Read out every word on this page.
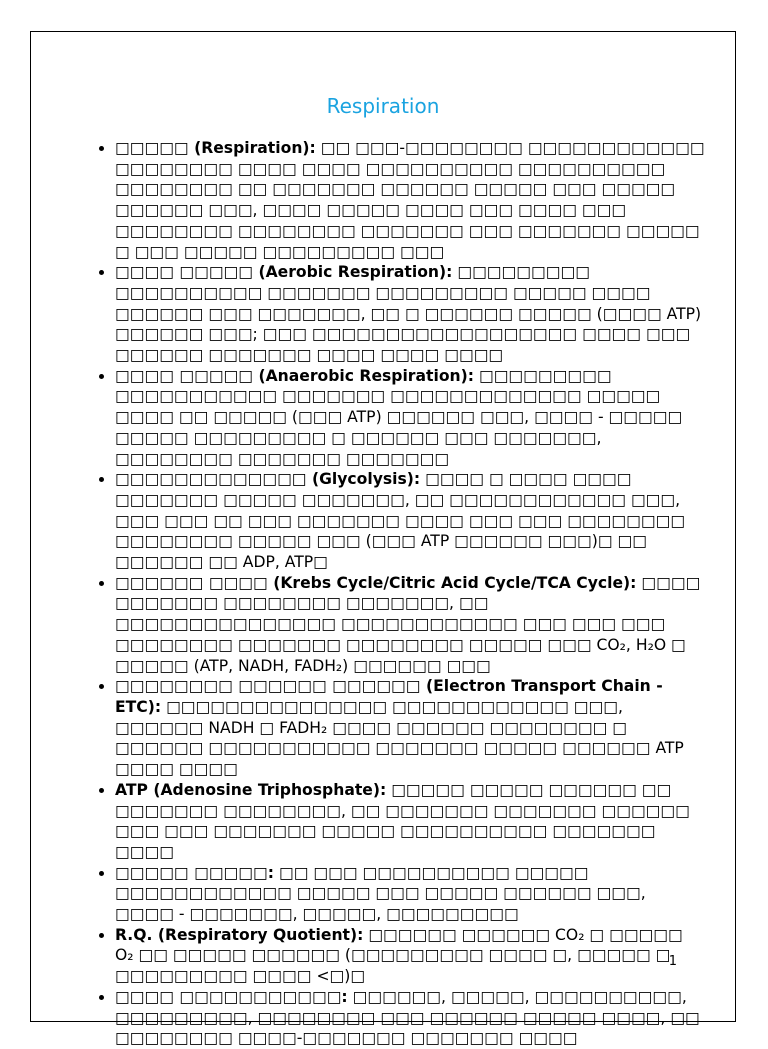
Respiration
• □□□□□ (Respiration): □□ □□□-□□□□□□□□ □□□□□□□□□□□□ □□□□□□□□ □□□□ □□□□ □□□□□□□□□□ □□□□□□□□□□ □□□□□□□□ □□ □□□□□□□ □□□□□□ □□□□□ □□□ □□□□□ □□□□□□ □□□, □□□□ □□□□□ □□□□ □□□ □□□□ □□□ □□□□□□□□ □□□□□□□□ □□□□□□□ □□□ □□□□□□□ □□□□□ □ □□□ □□□□□ □□□□□□□□□ □□□
• □□□□ □□□□□ (Aerobic Respiration): □□□□□□□□□ □□□□□□□□□□ □□□□□□□ □□□□□□□□□ □□□□□ □□□□ □□□□□□ □□□ □□□□□□□, □□ □ □□□□□□ □□□□□ (□□□□ ATP) □□□□□□ □□□; □□□ □□□□□□□□□□□□□□□□□□ □□□□ □□□ □□□□□□ □□□□□□□ □□□□ □□□□ □□□□
• □□□□ □□□□□ (Anaerobic Respiration): □□□□□□□□□ □□□□□□□□□□□ □□□□□□□ □□□□□□□□□□□□□ □□□□□ □□□□ □□ □□□□□ (□□□ ATP) □□□□□□ □□□, □□□□ - □□□□□ □□□□□ □□□□□□□□□ □ □□□□□□ □□□ □□□□□□□, □□□□□□□□ □□□□□□□ □□□□□□□
• □□□□□□□□□□□□□ (Glycolysis): □□□□ □ □□□□ □□□□ □□□□□□□ □□□□□ □□□□□□□, □□ □□□□□□□□□□□□ □□□, □□□ □□□ □□ □□□ □□□□□□□ □□□□ □□□ □□□ □□□□□□□□ □□□□□□□□ □□□□□ □□□ (□□□ ATP □□□□□□ □□□)□ □□ □□□□□□ □□ ADP, ATP□
• □□□□□□ □□□□ (Krebs Cycle/Citric Acid Cycle/TCA Cycle): □□□□ □□□□□□□ □□□□□□□□ □□□□□□□, □□ □□□□□□□□□□□□□□□ □□□□□□□□□□□□ □□□ □□□ □□□ □□□□□□□□ □□□□□□□ □□□□□□□□ □□□□□ □□□ CO₂, H₂O □ □□□□□ (ATP, NADH, FADH₂) □□□□□□ □□□
• □□□□□□□□ □□□□□□ □□□□□□ (Electron Transport Chain - ETC): □□□□□□□□□□□□□□□ □□□□□□□□□□□□ □□□, □□□□□□ NADH □ FADH₂ □□□□ □□□□□□ □□□□□□□□ □ □□□□□□ □□□□□□□□□□□ □□□□□□□ □□□□□ □□□□□□ ATP □□□□ □□□□
• ATP (Adenosine Triphosphate): □□□□□ □□□□□ □□□□□□ □□ □□□□□□□ □□□□□□□□, □□ □□□□□□□ □□□□□□□ □□□□□□ □□□ □□□ □□□□□□□ □□□□□ □□□□□□□□□□ □□□□□□□ □□□□
• □□□□□ □□□□□: □□ □□□ □□□□□□□□□□ □□□□□ □□□□□□□□□□□□ □□□□□ □□□ □□□□□ □□□□□□ □□□, □□□□ - □□□□□□□, □□□□□, □□□□□□□□□
• R.Q. (Respiratory Quotient): □□□□□□ □□□□□□ CO₂ □ □□□□□ O₂ □□ □□□□□ □□□□□□ (□□□□□□□□□ □□□□ □, □□□□□ □ □□□□□□□□□ □□□□ <□)□
• □□□□ □□□□□□□□□□□: □□□□□□, □□□□□, □□□□□□□□□□, □□□□□□□□□, □□□□□□□□ □□□ □□□□□□ □□□□□ □□□□, □□ □□□□□□□□ □□□□-□□□□□□□ □□□□□□□ □□□□
1
